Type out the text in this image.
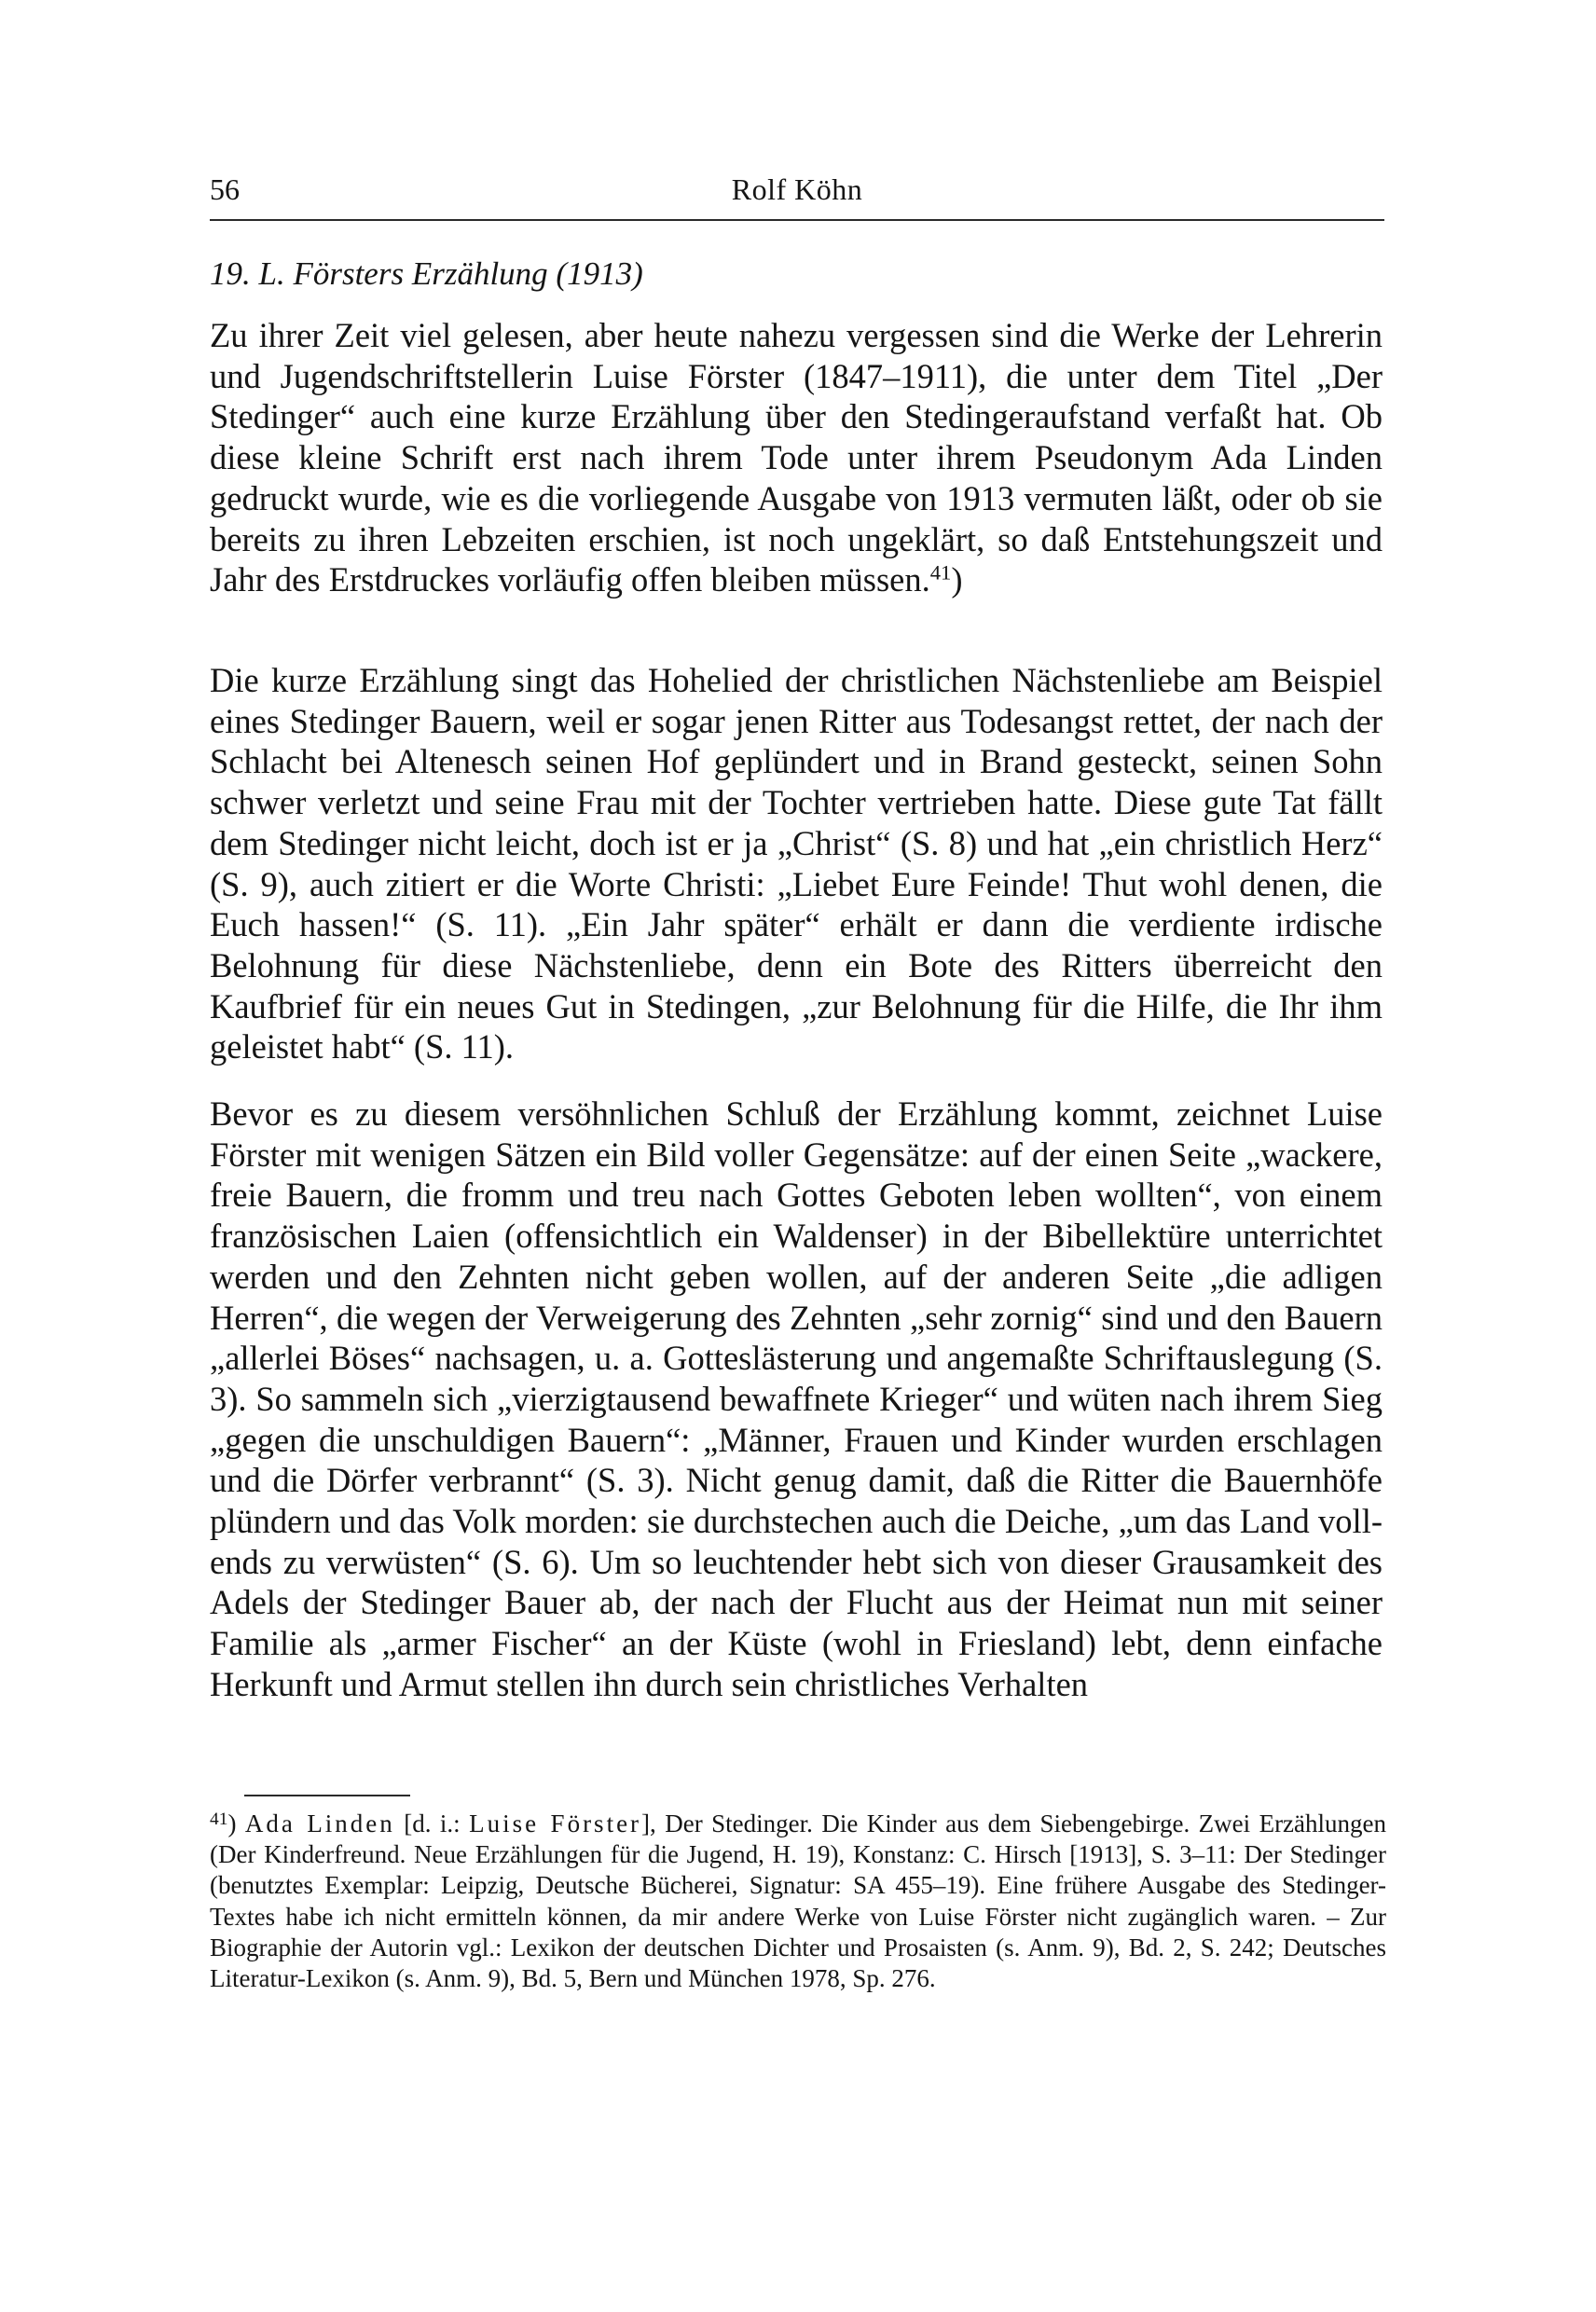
56	Rolf Köhn
19. L. Försters Erzählung (1913)

Zu ihrer Zeit viel gelesen, aber heute nahezu vergessen sind die Werke der Lehrerin und Jugendschriftstellerin Luise Förster (1847–1911), die unter dem Titel „Der Stedinger“ auch eine kurze Erzählung über den Stedingeraufstand verfaßt hat. Ob diese kleine Schrift erst nach ihrem Tode unter ihrem Pseudonym Ada Linden gedruckt wurde, wie es die vorliegende Ausgabe von 1913 vermuten läßt, oder ob sie bereits zu ihren Lebzeiten erschien, ist noch ungeklärt, so daß Entstehungszeit und Jahr des Erstdruckes vorläufig offen bleiben müssen.$^{41}$)

Die kurze Erzählung singt das Hohelied der christlichen Nächstenliebe am Beispiel eines Stedinger Bauern, weil er sogar jenen Ritter aus Todesangst rettet, der nach der Schlacht bei Altenesch seinen Hof geplündert und in Brand gesteckt, seinen Sohn schwer verletzt und seine Frau mit der Tochter vertrieben hatte. Diese gute Tat fällt dem Stedinger nicht leicht, doch ist er ja „Christ“ (S. 8) und hat „ein christlich Herz“ (S. 9), auch zitiert er die Worte Christi: „Liebet Eure Feinde! Thut wohl denen, die Euch hassen!“ (S. 11). „Ein Jahr später“ erhält er dann die verdiente irdische Belohnung für diese Nächstenliebe, denn ein Bote des Ritters überreicht den Kaufbrief für ein neues Gut in Stedingen, „zur Belohnung für die Hilfe, die Ihr ihm geleistet habt“ (S. 11).

Bevor es zu diesem versöhnlichen Schluß der Erzählung kommt, zeichnet Luise Förster mit wenigen Sätzen ein Bild voller Gegensätze: auf der einen Seite „wackere, freie Bauern, die fromm und treu nach Gottes Geboten leben wollten“, von einem französischen Laien (offensichtlich ein Waldenser) in der Bibellektüre unterrichtet werden und den Zehnten nicht geben wollen, auf der anderen Seite „die adligen Herren“, die wegen der Verweigerung des Zehnten „sehr zornig“ sind und den Bauern „allerlei Böses“ nachsagen, u. a. Gotteslästerung und angemaßte Schriftauslegung (S. 3). So sammeln sich „vierzigtausend bewaffnete Krieger“ und wüten nach ihrem Sieg „gegen die unschuldigen Bauern“: „Männer, Frauen und Kinder wurden erschlagen und die Dörfer verbrannt“ (S. 3). Nicht genug damit, daß die Ritter die Bauernhöfe plündern und das Volk morden: sie durchstechen auch die Deiche, „um das Land vollends zu verwüsten“ (S. 6). Um so leuchtender hebt sich von dieser Grausamkeit des Adels der Stedinger Bauer ab, der nach der Flucht aus der Heimat nun mit seiner Familie als „armer Fischer“ an der Küste (wohl in Friesland) lebt, denn einfache Herkunft und Armut stellen ihn durch sein christliches Verhalten

$^{41}$) Ada Linden [d. i.: Luise Förster], Der Stedinger. Die Kinder aus dem Siebengebirge. Zwei Erzählungen (Der Kinderfreund. Neue Erzählungen für die Jugend, H. 19), Konstanz: C. Hirsch [1913], S. 3–11: Der Stedinger (benutztes Exemplar: Leipzig, Deutsche Bücherei, Signatur: SA 455–19). Eine frühere Ausgabe des Stedinger-Textes habe ich nicht ermitteln können, da mir andere Werke von Luise Förster nicht zugänglich waren. – Zur Biographie der Autorin vgl.: Lexikon der deutschen Dichter und Prosaisten (s. Anm. 9), Bd. 2, S. 242; Deutsches Literatur-Lexikon (s. Anm. 9), Bd. 5, Bern und München 1978, Sp. 276.
